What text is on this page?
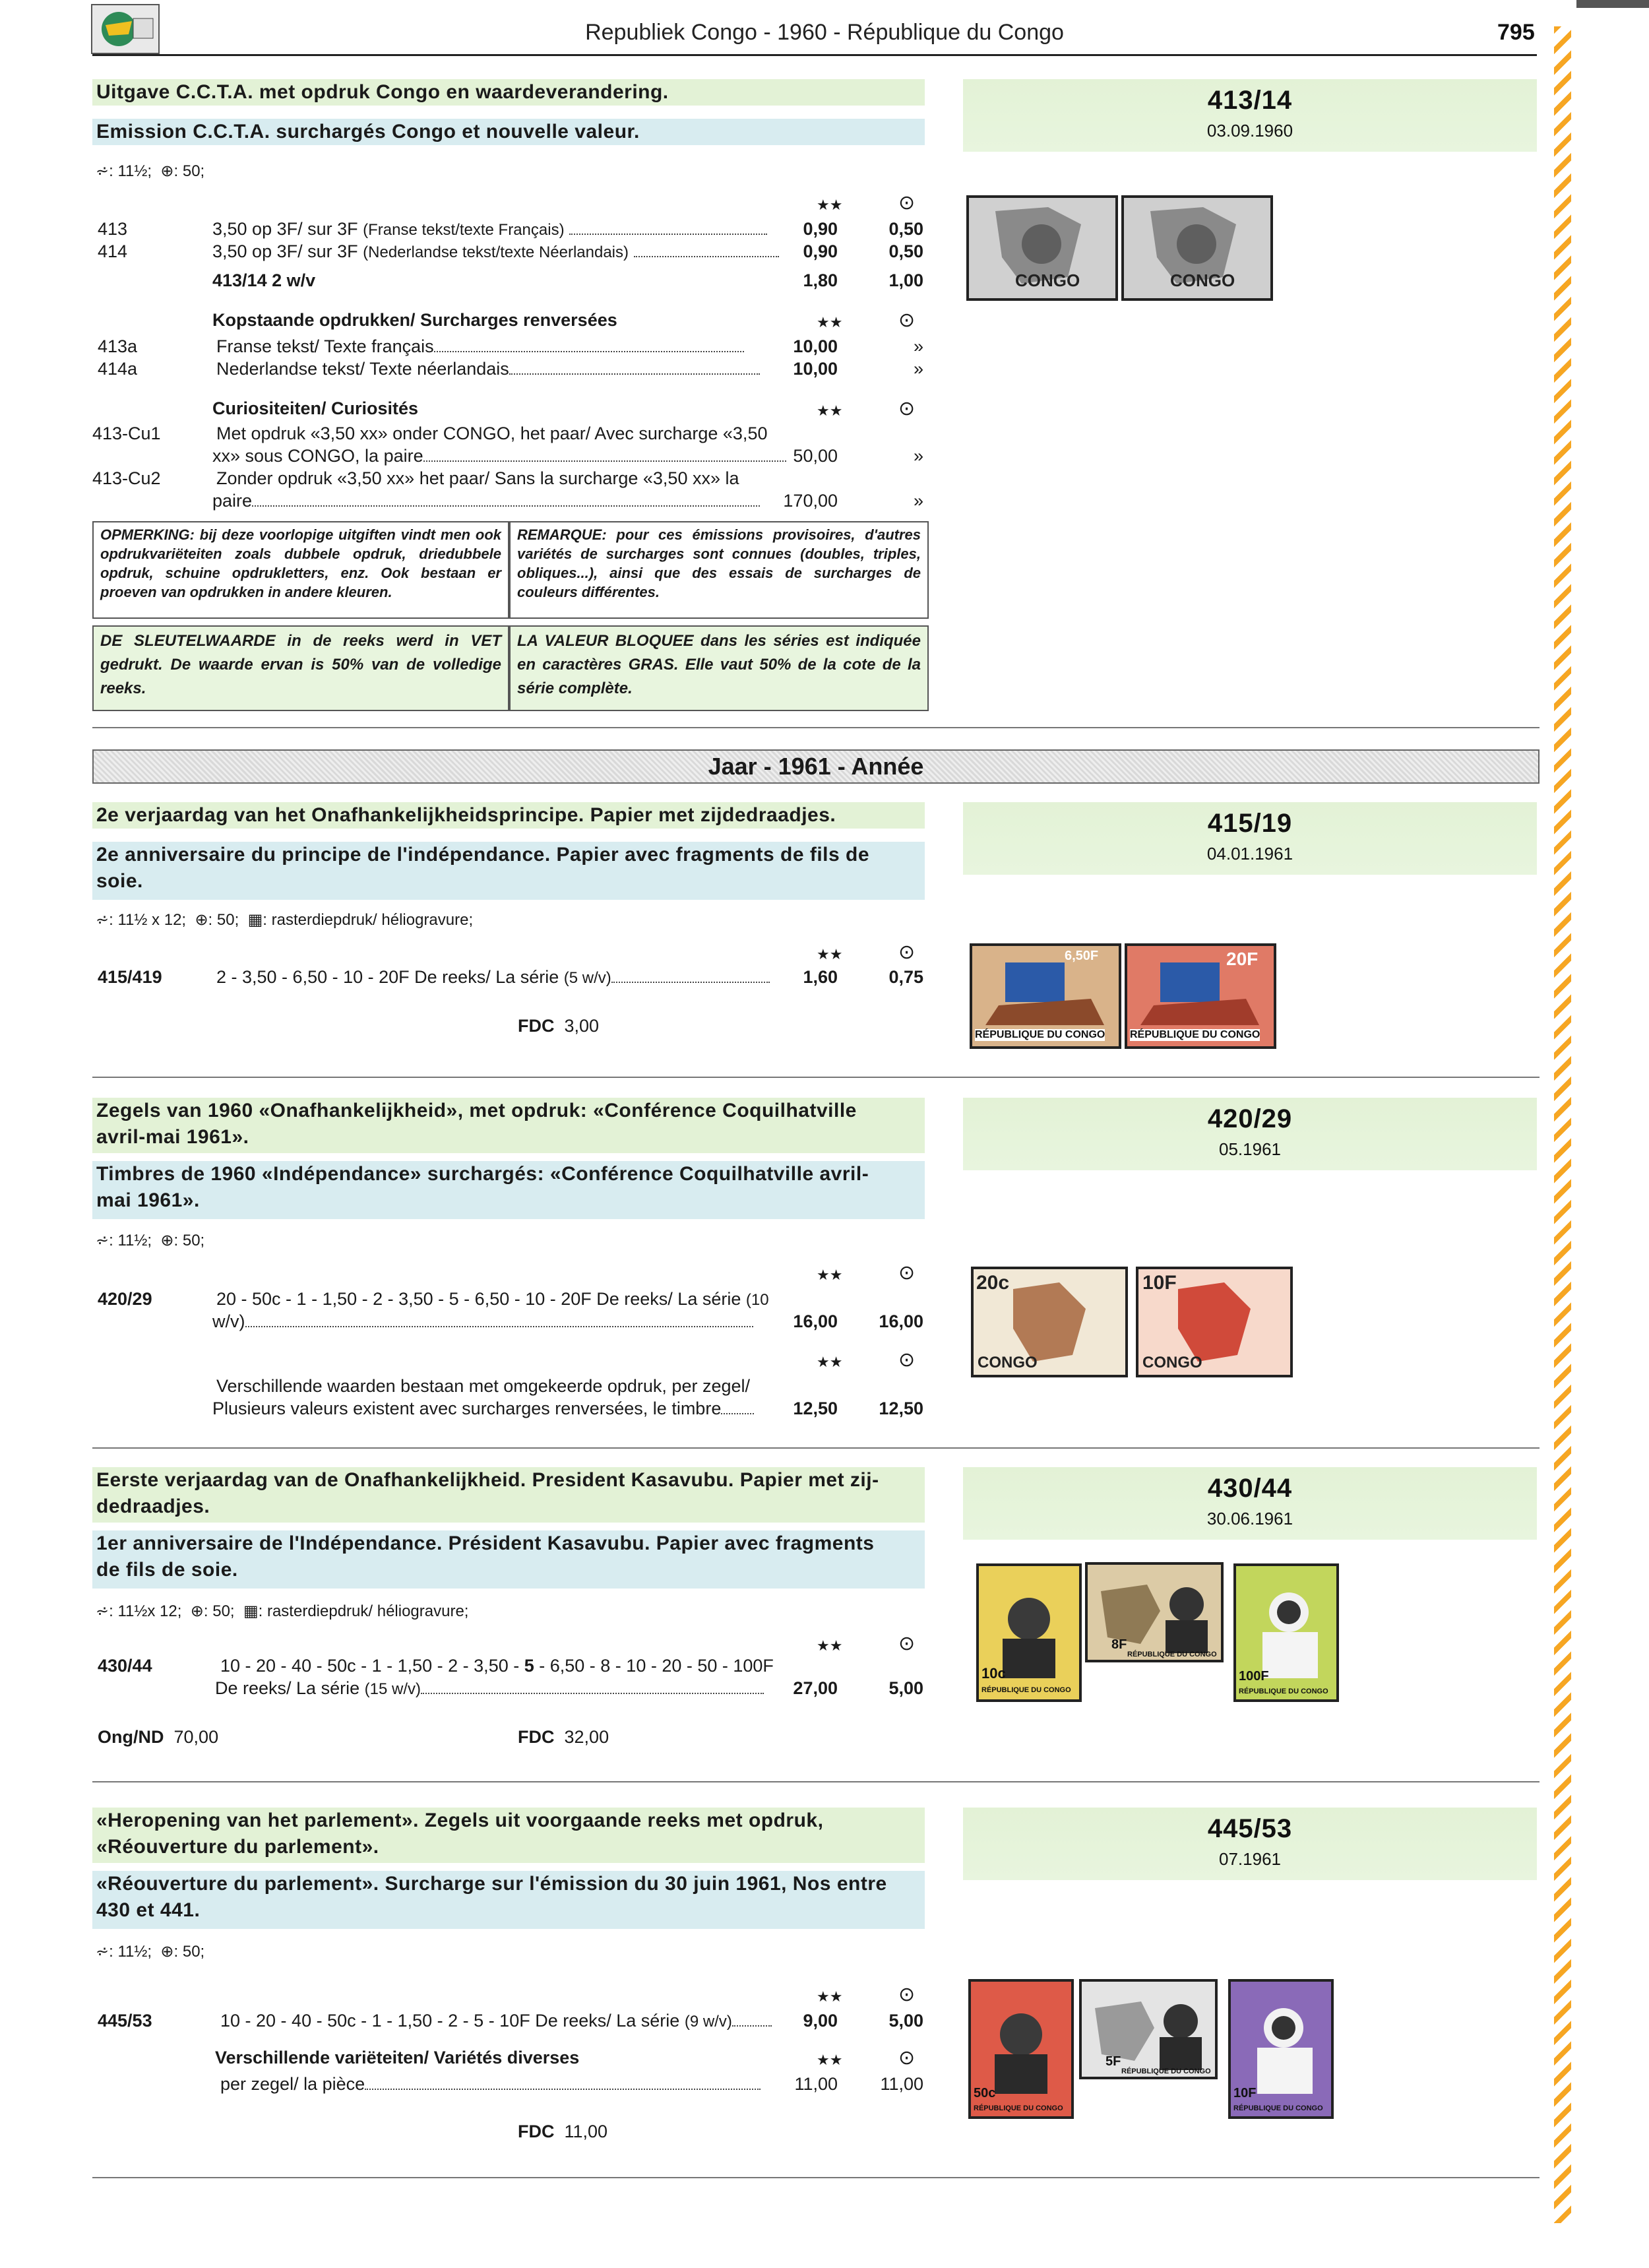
Republiek Congo - 1960 - République du Congo	795
Uitgave C.C.T.A. met opdruk Congo en waardeverandering.
Emission C.C.T.A. surchargés Congo et nouvelle valeur.
413/14
03.09.1960
⩫: 11½; ⊕: 50;
★★	⊙
413	3,50 op 3F/ sur 3F (Franse tekst/texte Français)	0,90	0,50
414	3,50 op 3F/ sur 3F (Nederlandse tekst/texte Néerlandais)	0,90	0,50
413/14 2 w/v	1,80	1,00
Kopstaande opdrukken/ Surcharges renversées	★★	⊙
413a	Franse tekst/ Texte français	10,00	»
414a	Nederlandse tekst/ Texte néerlandais	10,00	»
Curiositeiten/ Curiosités	★★	⊙
413-Cu1	Met opdruk «3,50 xx» onder CONGO, het paar/ Avec surcharge «3,50
xx» sous CONGO, la paire	50,00	»
413-Cu2	Zonder opdruk «3,50 xx» het paar/ Sans la surcharge «3,50 xx» la
paire	170,00	»
OPMERKING: bij deze voorlopige uitgiften vindt men ook opdrukvariëteiten zoals dubbele opdruk, driedubbele opdruk, schuine opdrukletters, enz. Ook bestaan er proeven van opdrukken in andere kleuren.
REMARQUE: pour ces émissions provisoires, d'autres variétés de surcharges sont connues (doubles, triples, obliques...), ainsi que des essais de surcharges de couleurs différentes.
DE SLEUTELWAARDE in de reeks werd in VET gedrukt. De waarde ervan is 50% van de volledige reeks.
LA VALEUR BLOQUEE dans les séries est indiquée en caractères GRAS. Elle vaut 50% de la cote de la série complète.
CONGO	CONGO
Jaar - 1961 - Année
2e verjaardag van het Onafhankelijkheidsprincipe. Papier met zijdedraadjes.
2e anniversaire du principe de l'indépendance. Papier avec fragments de fils de
soie.
415/19
04.01.1961
⩫: 11½ x 12; ⊕: 50; ▦: rasterdiepdruk/ héliogravure;
★★	⊙
415/419	2 - 3,50 - 6,50 - 10 - 20F De reeks/ La série (5 w/v)	1,60	0,75
FDC 3,00
6,50F
RÉPUBLIQUE DU CONGO
20F
RÉPUBLIQUE DU CONGO
Zegels van 1960 «Onafhankelijkheid», met opdruk: «Conférence Coquilhatville
avril-mai 1961».
Timbres de 1960 «Indépendance» surchargés: «Conférence Coquilhatville avril-
mai 1961».
420/29
05.1961
⩫: 11½; ⊕: 50;
★★	⊙
420/29	20 - 50c - 1 - 1,50 - 2 - 3,50 - 5 - 6,50 - 10 - 20F De reeks/ La série (10
w/v)	16,00	16,00
★★	⊙
Verschillende waarden bestaan met omgekeerde opdruk, per zegel/
Plusieurs valeurs existent avec surcharges renversées, le timbre	12,50	12,50
20c
CONGO
10F
CONGO
Eerste verjaardag van de Onafhankelijkheid. President Kasavubu. Papier met zij-
dedraadjes.
1er anniversaire de l'Indépendance. Président Kasavubu. Papier avec fragments
de fils de soie.
430/44
30.06.1961
⩫: 11½x 12; ⊕: 50; ▦: rasterdiepdruk/ héliogravure;
★★	⊙
430/44	10 - 20 - 40 - 50c - 1 - 1,50 - 2 - 3,50 - 5 - 6,50 - 8 - 10 - 20 - 50 - 100F
De reeks/ La série (15 w/v)	27,00	5,00
Ong/ND 70,00	FDC 32,00
10c
RÉPUBLIQUE DU CONGO
8F
RÉPUBLIQUE DU CONGO
100F
RÉPUBLIQUE DU CONGO
«Heropening van het parlement». Zegels uit voorgaande reeks met opdruk,
«Réouverture du parlement».
«Réouverture du parlement». Surcharge sur l'émission du 30 juin 1961, Nos entre
430 et 441.
445/53
07.1961
⩫: 11½; ⊕: 50;
★★	⊙
445/53	10 - 20 - 40 - 50c - 1 - 1,50 - 2 - 5 - 10F De reeks/ La série (9 w/v)	9,00	5,00
Verschillende variëteiten/ Variétés diverses	★★	⊙
per zegel/ la pièce	11,00	11,00
FDC 11,00
50c
RÉPUBLIQUE DU CONGO
5F
RÉPUBLIQUE DU CONGO
10F
RÉPUBLIQUE DU CONGO
